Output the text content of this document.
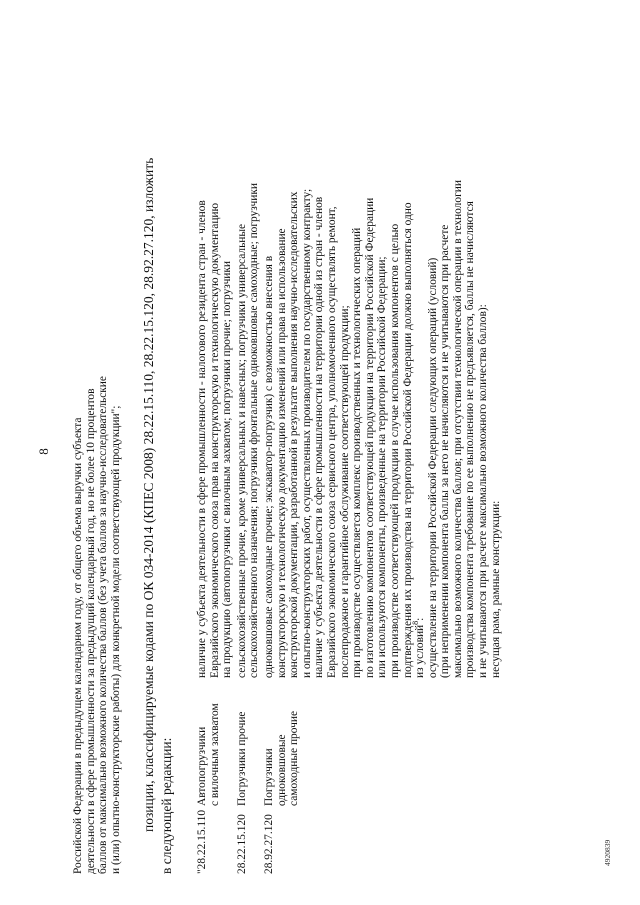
8 Российской Федерации в предыдущем календарном году, от общего объема выручки субъекта деятельности в сфере промышленности за предыдущий календарный год, но не более 10 процентов баллов от максимально возможного количества баллов (без учета баллов за научно-исследовательские и (или) опытно-конструкторские работы) для конкретной модели соответствующей продукции"; позиции, классифицируемые кодами по ОК 034-2014 (КПЕС 2008) 28.22.15.110, 28.22.15.120, 28.92.27.120, изложить в следующей редакции: "28.22.15.110
Автопогрузчики с вилочным захватом
наличие у субъекта деятельности в сфере промышленности - налогового резидента стран - членов Евразийского экономического союза прав на конструкторскую и технологическую документацию на продукцию (автопогрузчики с вилочным захватом; погрузчики прочие; погрузчики
28.22.15.120
Погрузчики прочие
сельскохозяйственные прочие, кроме универсальных и навесных; погрузчики универсальные сельскохозяйственного назначения; погрузчики фронтальные одноковшовые самоходные; погрузчики
28.92.27.120
Погрузчики одноковшовые самоходные прочие
одноковшовые самоходные прочие; экскаватор-погрузчик) с возможностью внесения в конструкторскую и технологическую документацию изменений или права на использование конструкторской документации, разработанной в результате выполнения научно-исследовательских и опытно-конструкторских работ, осуществленных производителем по государственному контракту; наличие у субъекта деятельности в сфере промышленности на территории одной из стран - членов Евразийского экономического союза сервисного центра, уполномоченного осуществлять ремонт, послепродажное и гарантийное обслуживание соответствующей продукции; при производстве осуществляется комплекс производственных и технологических операций по изготовлению компонентов соответствующей продукции на территории Российской Федерации или используются компоненты, произведенные на территории Российской Федерации; при производстве соответствующей продукции в случае использования компонентов с целью подтверждения их производства на территории Российской Федерации должно выполняться одно из условий$^8$: осуществление на территории Российской Федерации следующих операций (условий) (при неприменении компонента баллы за него не начисляются и не учитываются при расчете максимально возможного количества баллов; при отсутствии технологической операции в технологии производства компонента требование по ее выполнению не предъявляется, баллы не начисляются и не учитываются при расчете максимально возможного количества баллов): несущая рама, рамные конструкции:
4920839
